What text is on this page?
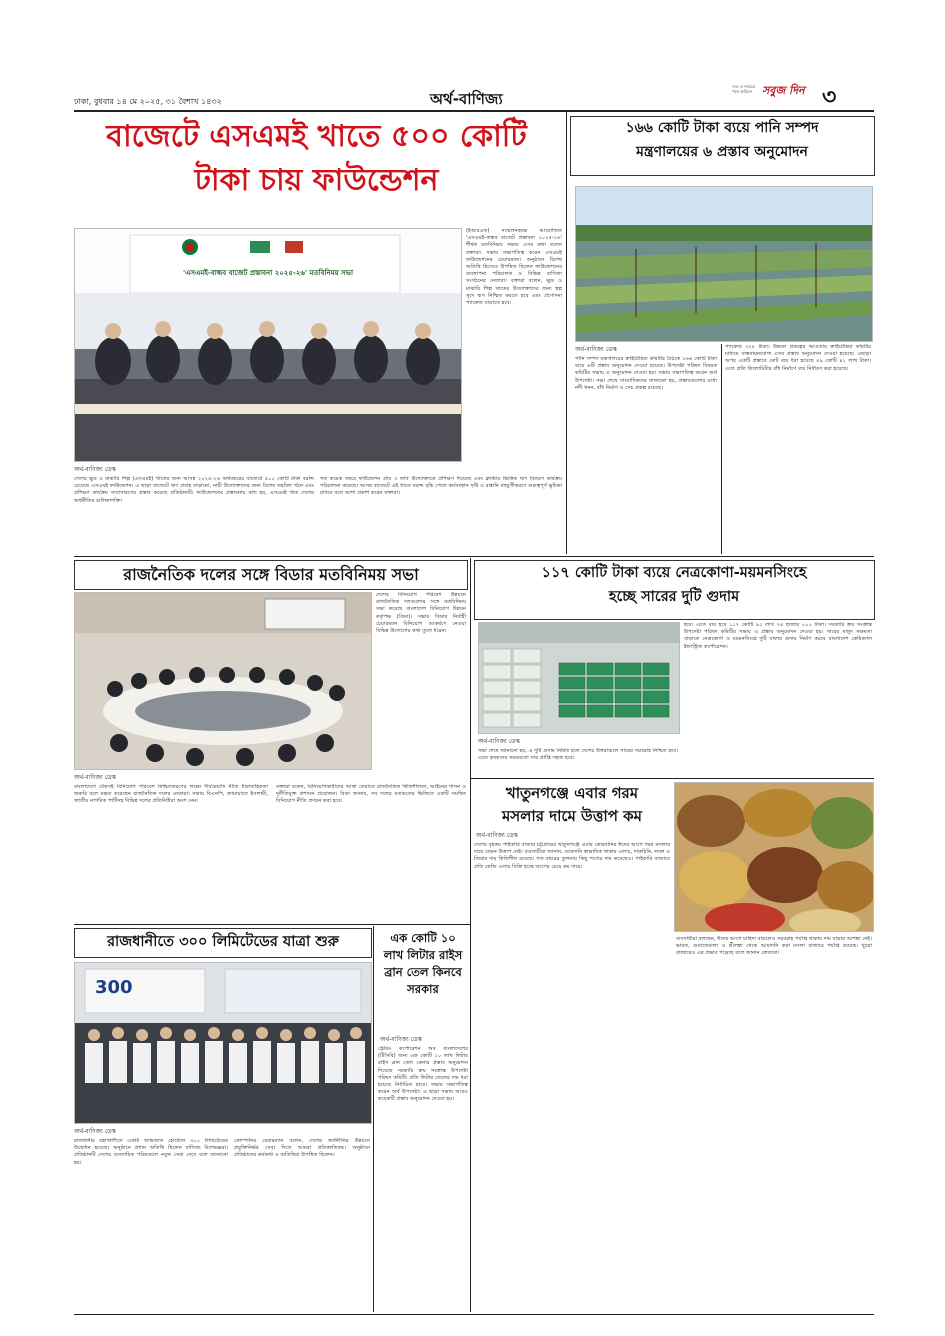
ঢাকা, বুধবার ১৪ মে ২০২৫, ৩১ বৈশাখ ১৪৩২	অর্থ-বাণিজ্য
সত্য ও ন্যায়ের পথে অবিচল সবুজ দিন ৩
বাজেটে এসএমই খাতে ৫০০ কোটি
টাকা চায় ফাউন্ডেশন
'এসএমই-বান্ধব বাজেট প্রস্তাবনা ২০২৫-২৬' মতবিনিময় সভা
অর্থ-বাণিজ্য ডেস্ক
(ইআরএফ) সম্মেলনকক্ষে আয়োজিত 'এসএমই-বান্ধব বাজেট প্রস্তাবনা ২০২৫-২৬' শীর্ষক মতবিনিময় সভায় এসব কথা বলেন বক্তারা। সভায় সভাপতিত্ব করেন এসএমই ফাউন্ডেশনের চেয়ারম্যান। অনুষ্ঠানে বিশেষ অতিথি হিসেবে উপস্থিত ছিলেন ফাউন্ডেশনের ব্যবস্থাপনা পরিচালক ও বিভিন্ন বাণিজ্য সংগঠনের নেতারা। বক্তারা বলেন, ক্ষুদ্র ও মাঝারি শিল্প খাতের উদ্যোক্তাদের জন্য স্বল্প সুদে ঋণ নিশ্চিত করতে হবে এবং প্রণোদনা প্যাকেজ বাড়াতে হবে।
দেশের ক্ষুদ্র ও মাঝারি শিল্প (এসএমই) খাতের জন্য আসন্ন ২০২৫-২৬ অর্থবছরের বাজেটে ৫০০ কোটি টাকা বরাদ্দ চেয়েছে এসএমই ফাউন্ডেশন। এ ছাড়া বাজেটে ঋণ প্রবাহ বাড়ানো, নারী উদ্যোক্তাদের জন্য বিশেষ তহবিল গঠন এবং প্রশিক্ষণ কার্যক্রম সম্প্রসারণের প্রস্তাব করেছে প্রতিষ্ঠানটি। ফাউন্ডেশনের প্রস্তাবনায় বলা হয়, এসএমই খাত দেশের অর্থনীতির চালিকাশক্তি।
গত কয়েক বছরে ফাউন্ডেশন প্রায় ৩ লাখ উদ্যোক্তাকে প্রশিক্ষণ দিয়েছে এবং ক্লাস্টার ভিত্তিক ঋণ বিতরণ কার্যক্রম পরিচালনা করেছে। আসন্ন বাজেটে এই খাতে বরাদ্দ বৃদ্ধি পেলে কর্মসংস্থান সৃষ্টি ও রপ্তানি বহুমুখীকরণে গুরুত্বপূর্ণ ভূমিকা রাখবে বলে আশা প্রকাশ করেন বক্তারা।
১৬৬ কোটি টাকা ব্যয়ে পানি সম্পদ
মন্ত্রণালয়ের ৬ প্রস্তাব অনুমোদন
অর্থ-বাণিজ্য ডেস্ক
পানি সম্পদ মন্ত্রণালয়ের ক্রাইটেরিয়া কমিটির বৈঠকে ১৬৬ কোটি টাকা ব্যয়ে ৬টি প্রস্তাব অনুমোদন দেওয়া হয়েছে। উপদেষ্টা পরিষদ বিষয়ক কমিটির সভায় এ অনুমোদন দেওয়া হয়। সভায় সভাপতিত্ব করেন অর্থ উপদেষ্টা। সভা শেষে সাংবাদিকদের জানানো হয়, প্রস্তাবগুলোর মধ্যে নদী খনন, বাঁধ নির্মাণ ও সেচ প্রকল্প রয়েছে।
প্যাকেজ ৩২৮ টাকা। উন্নয়ন প্রকল্পের আওতায় ক্রাইটেরিয়া কমিটির মাধ্যমে বাস্তবায়নযোগ্য এসব প্রস্তাব অনুমোদন দেওয়া হয়েছে। এছাড়া অপর একটি প্রস্তাবে মোট ব্যয় ধরা হয়েছে ৪৯ কোটি ৪১ লাখ টাকা। এতে প্রতি কিলোমিটার বাঁধ নির্মাণে ব্যয় নির্ধারণ করা হয়েছে।
রাজনৈতিক দলের সঙ্গে বিডার মতবিনিময় সভা
অর্থ-বাণিজ্য ডেস্ক
দেশের বিনিয়োগ পরিবেশ উন্নয়নে রাজনৈতিক দলগুলোর সঙ্গে মতবিনিময় সভা করেছে বাংলাদেশ বিনিয়োগ উন্নয়ন কর্তৃপক্ষ (বিডা)। সভায় বিডার নির্বাহী চেয়ারম্যান বিনিয়োগ আকর্ষণে নেওয়া বিভিন্ন উদ্যোগের কথা তুলে ধরেন।
বাংলাদেশে টেকসই বিনিয়োগ পরিবেশ নিশ্চিতকরণের লক্ষ্যে দীর্ঘমেয়াদি নীতি ধারাবাহিকতা জরুরি বলে মন্তব্য করেছেন রাজনৈতিক দলের নেতারা। সভায় বিএনপি, জামায়াতে ইসলামী, জাতীয় নাগরিক পার্টিসহ বিভিন্ন দলের প্রতিনিধিরা অংশ নেন।
বক্তারা বলেন, বিনিয়োগকারীদের আস্থা ফেরাতে রাজনৈতিক স্থিতিশীলতা, আইনের শাসন ও দুর্নীতিমুক্ত প্রশাসন প্রয়োজন। বিডা জানায়, সব দলের মতামতের ভিত্তিতে একটি সমন্বিত বিনিয়োগ নীতি প্রণয়ন করা হবে।
১১৭ কোটি টাকা ব্যয়ে নেত্রকোণা-ময়মনসিংহে
হচ্ছে সারের দুটি গুদাম
অর্থ-বাণিজ্য ডেস্ক
হবে। এতে ব্যয় হবে ১১৭ কোটি ৯২ লাখ ৭৪ হাজার ০০০ টাকা। সরকারি ক্রয় সংক্রান্ত উপদেষ্টা পরিষদ কমিটির সভায় এ প্রস্তাব অনুমোদন দেওয়া হয়। সারের মজুদ সক্ষমতা বাড়াতে নেত্রকোণা ও ময়মনসিংহে দুটি বাফার গুদাম নির্মাণ করবে বাংলাদেশ কেমিক্যাল ইন্ডাস্ট্রিজ কর্পোরেশন।
সভা শেষে জানানো হয়, এ দুটি গুদাম নির্মিত হলে দেশের উত্তরাঞ্চলে সারের সরবরাহ নিশ্চিত হবে। এতে কৃষকদের সময়মতো সার প্রাপ্তি সহজ হবে।
খাতুনগঞ্জে এবার গরম
মসলার দামে উত্তাপ কম
অর্থ-বাণিজ্য ডেস্ক
দেশের বৃহত্তম পাইকারি বাজার চট্টগ্রামের খাতুনগঞ্জে এবার কোরবানির ঈদের আগে গরম মসলার দামে তেমন উত্তাপ নেই। ব্যবসায়ীরা জানান, আমদানি স্বাভাবিক থাকায় এলাচ, দারুচিনি, লবঙ্গ ও জিরার দাম স্থিতিশীল রয়েছে। গত বছরের তুলনায় কিছু পণ্যের দাম কমেছেও। পাইকারি বাজারে প্রতি কেজি এলাচ বিক্রি হচ্ছে আগের চেয়ে কম দামে।
ব্যবসায়ীরা বলছেন, ঈদের আগে চাহিদা বাড়লেও সরবরাহ পর্যাপ্ত থাকায় দাম বাড়ার আশঙ্কা নেই। ভারত, গুয়াতেমালা ও শ্রীলঙ্কা থেকে আমদানি করা মসলা বাজারে পর্যাপ্ত রয়েছে। খুচরা বাজারেও এর প্রভাব পড়েছে বলে জানান ক্রেতারা।
রাজধানীতে ৩০০ লিমিটেডের যাত্রা শুরু
300
অর্থ-বাণিজ্য ডেস্ক
রাজধানীর মহাখালীতে একটি অভিজাত হোটেলে ৩০০ লিমিটেডের উদ্বোধন হয়েছে। অনুষ্ঠানে প্রধান অতিথি ছিলেন বাণিজ্য বিশেষজ্ঞরা। প্রতিষ্ঠানটি দেশের ব্যবসায়িক পরিমণ্ডলে নতুন সেবা দেবে বলে জানানো হয়।
কোম্পানির চেয়ারম্যান বলেন, দেশের অর্থনীতির উন্নয়নে প্রযুক্তিনির্ভর সেবা দিতে আমরা প্রতিশ্রুতিবদ্ধ। অনুষ্ঠানে প্রতিষ্ঠানের কর্মকর্তা ও অতিথিরা উপস্থিত ছিলেন।
এক কোটি ১০ লাখ লিটার রাইস ব্রান তেল কিনবে সরকার
অর্থ-বাণিজ্য ডেস্ক
ট্রেডিং কর্পোরেশন অব বাংলাদেশের (টিসিবি) জন্য এক কোটি ১০ লাখ লিটার রাইস ব্রান তেল কেনার প্রস্তাব অনুমোদন দিয়েছে সরকারি ক্রয় সংক্রান্ত উপদেষ্টা পরিষদ কমিটি। প্রতি লিটার তেলের দাম ধরা হয়েছে নির্ধারিত হারে। সভায় সভাপতিত্ব করেন অর্থ উপদেষ্টা। এ ছাড়া সভায় আরও কয়েকটি প্রস্তাব অনুমোদন দেওয়া হয়।
